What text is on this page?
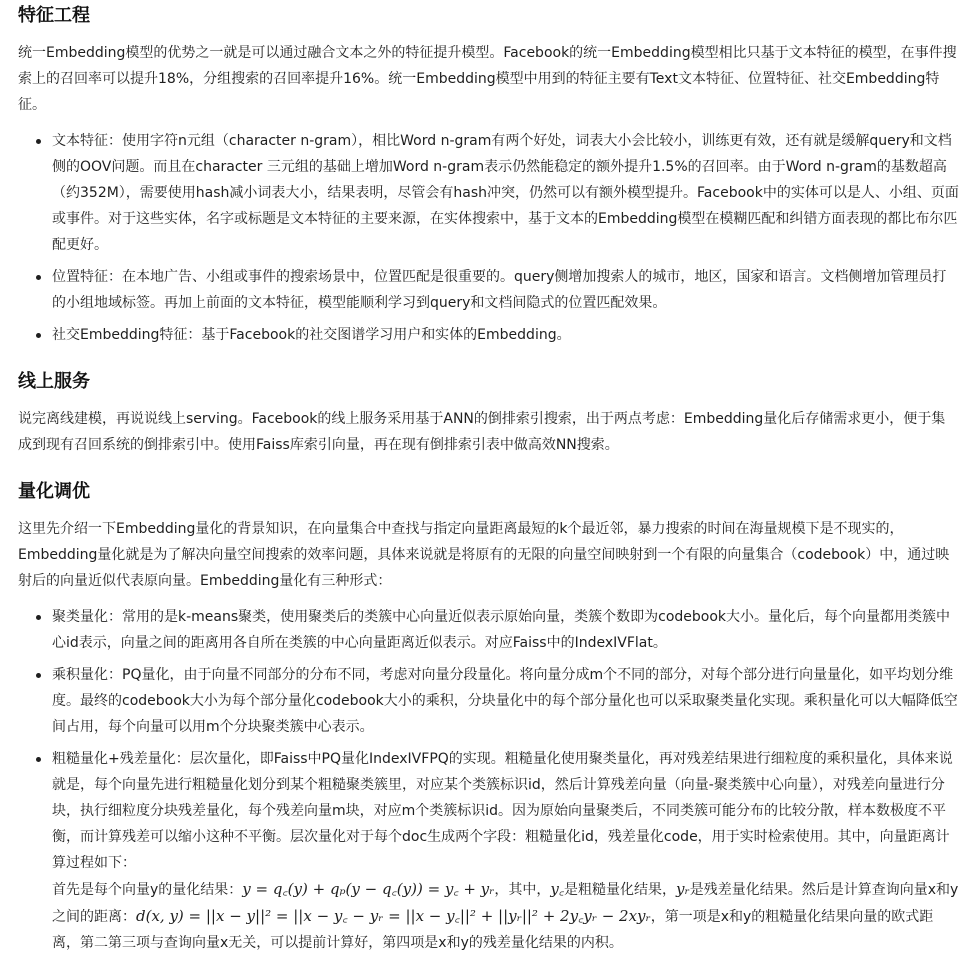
特征工程

统一Embedding模型的优势之一就是可以通过融合文本之外的特征提升模型。Facebook的统一Embedding模型相比只基于文本特征的模型，在事件搜索上的召回率可以提升18%，分组搜索的召回率提升16%。统一Embedding模型中用到的特征主要有Text文本特征、位置特征、社交Embedding特征。

文本特征：使用字符n元组（character n-gram），相比Word n-gram有两个好处，词表大小会比较小，训练更有效，还有就是缓解query和文档侧的OOV问题。而且在character 三元组的基础上增加Word n-gram表示仍然能稳定的额外提升1.5%的召回率。由于Word n-gram的基数超高（约352M），需要使用hash减小词表大小，结果表明，尽管会有hash冲突，仍然可以有额外模型提升。Facebook中的实体可以是人、小组、页面或事件。对于这些实体，名字或标题是文本特征的主要来源，在实体搜索中，基于文本的Embedding模型在模糊匹配和纠错方面表现的都比布尔匹配更好。
位置特征：在本地广告、小组或事件的搜索场景中，位置匹配是很重要的。query侧增加搜索人的城市，地区，国家和语言。文档侧增加管理员打的小组地域标签。再加上前面的文本特征，模型能顺利学习到query和文档间隐式的位置匹配效果。
社交Embedding特征：基于Facebook的社交图谱学习用户和实体的Embedding。
线上服务

说完离线建模，再说说线上serving。Facebook的线上服务采用基于ANN的倒排索引搜索，出于两点考虑：Embedding量化后存储需求更小，便于集成到现有召回系统的倒排索引中。使用Faiss库索引向量，再在现有倒排索引表中做高效NN搜索。

量化调优

这里先介绍一下Embedding量化的背景知识，在向量集合中查找与指定向量距离最短的k个最近邻，暴力搜索的时间在海量规模下是不现实的，Embedding量化就是为了解决向量空间搜索的效率问题，具体来说就是将原有的无限的向量空间映射到一个有限的向量集合（codebook）中，通过映射后的向量近似代表原向量。Embedding量化有三种形式：

聚类量化：常用的是k-means聚类，使用聚类后的类簇中心向量近似表示原始向量，类簇个数即为codebook大小。量化后，每个向量都用类簇中心id表示，向量之间的距离用各自所在类簇的中心向量距离近似表示。对应Faiss中的IndexIVFlat。
乘积量化：PQ量化，由于向量不同部分的分布不同，考虑对向量分段量化。将向量分成m个不同的部分，对每个部分进行向量量化，如平均划分维度。最终的codebook大小为每个部分量化codebook大小的乘积，分块量化中的每个部分量化也可以采取聚类量化实现。乘积量化可以大幅降低空间占用，每个向量可以用m个分块聚类簇中心表示。
粗糙量化+残差量化：层次量化，即Faiss中PQ量化IndexIVFPQ的实现。粗糙量化使用聚类量化，再对残差结果进行细粒度的乘积量化，具体来说就是，每个向量先进行粗糙量化划分到某个粗糙聚类簇里，对应某个类簇标识id，然后计算残差向量（向量-聚类簇中心向量），对残差向量进行分块，执行细粒度分块残差量化，每个残差向量m块，对应m个类簇标识id。因为原始向量聚类后，不同类簇可能分布的比较分散，样本数极度不平衡，而计算残差可以缩小这种不平衡。层次量化对于每个doc生成两个字段：粗糙量化id，残差量化code，用于实时检索使用。其中，向量距离计算过程如下：
首先是每个向量y的量化结果：y = q꜀(y) + qₚ(y − q꜀(y)) = y꜀ + yᵣ，其中，y꜀是粗糙量化结果，yᵣ是残差量化结果。然后是计算查询向量x和y之间的距离：d(x, y) = ||x − y||² = ||x − y꜀ − yᵣ = ||x − y꜀||² + ||yᵣ||² + 2y꜀yᵣ − 2xyᵣ，第一项是x和y的粗糙量化结果向量的欧式距离，第二第三项与查询向量x无关，可以提前计算好，第四项是x和y的残差量化结果的内积。
